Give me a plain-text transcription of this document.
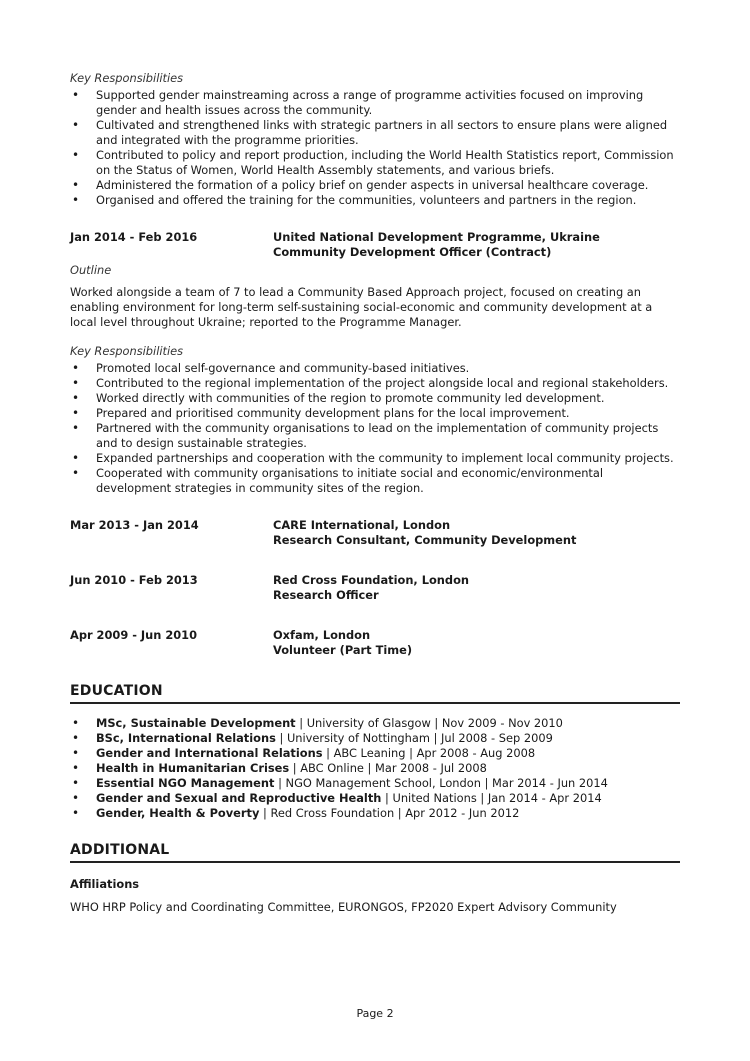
Key Responsibilities

• Supported gender mainstreaming across a range of programme activities focused on improving gender and health issues across the community.
• Cultivated and strengthened links with strategic partners in all sectors to ensure plans were aligned and integrated with the programme priorities.
• Contributed to policy and report production, including the World Health Statistics report, Commission on the Status of Women, World Health Assembly statements, and various briefs.
• Administered the formation of a policy brief on gender aspects in universal healthcare coverage.
• Organised and offered the training for the communities, volunteers and partners in the region.
Jan 2014 - Feb 2016	United National Development Programme, Ukraine
Community Development Officer (Contract)

Outline

Worked alongside a team of 7 to lead a Community Based Approach project, focused on creating an enabling environment for long-term self-sustaining social-economic and community development at a local level throughout Ukraine; reported to the Programme Manager.

Key Responsibilities

• Promoted local self-governance and community-based initiatives.
• Contributed to the regional implementation of the project alongside local and regional stakeholders.
• Worked directly with communities of the region to promote community led development.
• Prepared and prioritised community development plans for the local improvement.
• Partnered with the community organisations to lead on the implementation of community projects and to design sustainable strategies.
• Expanded partnerships and cooperation with the community to implement local community projects.
• Cooperated with community organisations to initiate social and economic/environmental development strategies in community sites of the region.
Mar 2013 - Jan 2014	CARE International, London
Research Consultant, Community Development
Jun 2010 - Feb 2013	Red Cross Foundation, London
Research Officer
Apr 2009 - Jun 2010	Oxfam, London
Volunteer (Part Time)
EDUCATION
• MSc, Sustainable Development | University of Glasgow | Nov 2009 - Nov 2010
• BSc, International Relations | University of Nottingham | Jul 2008 - Sep 2009
• Gender and International Relations | ABC Leaning | Apr 2008 - Aug 2008
• Health in Humanitarian Crises | ABC Online | Mar 2008 - Jul 2008
• Essential NGO Management | NGO Management School, London | Mar 2014 - Jun 2014
• Gender and Sexual and Reproductive Health | United Nations | Jan 2014 - Apr 2014
• Gender, Health & Poverty | Red Cross Foundation | Apr 2012 - Jun 2012
ADDITIONAL

Affiliations

WHO HRP Policy and Coordinating Committee, EURONGOS, FP2020 Expert Advisory Community

Page 2
